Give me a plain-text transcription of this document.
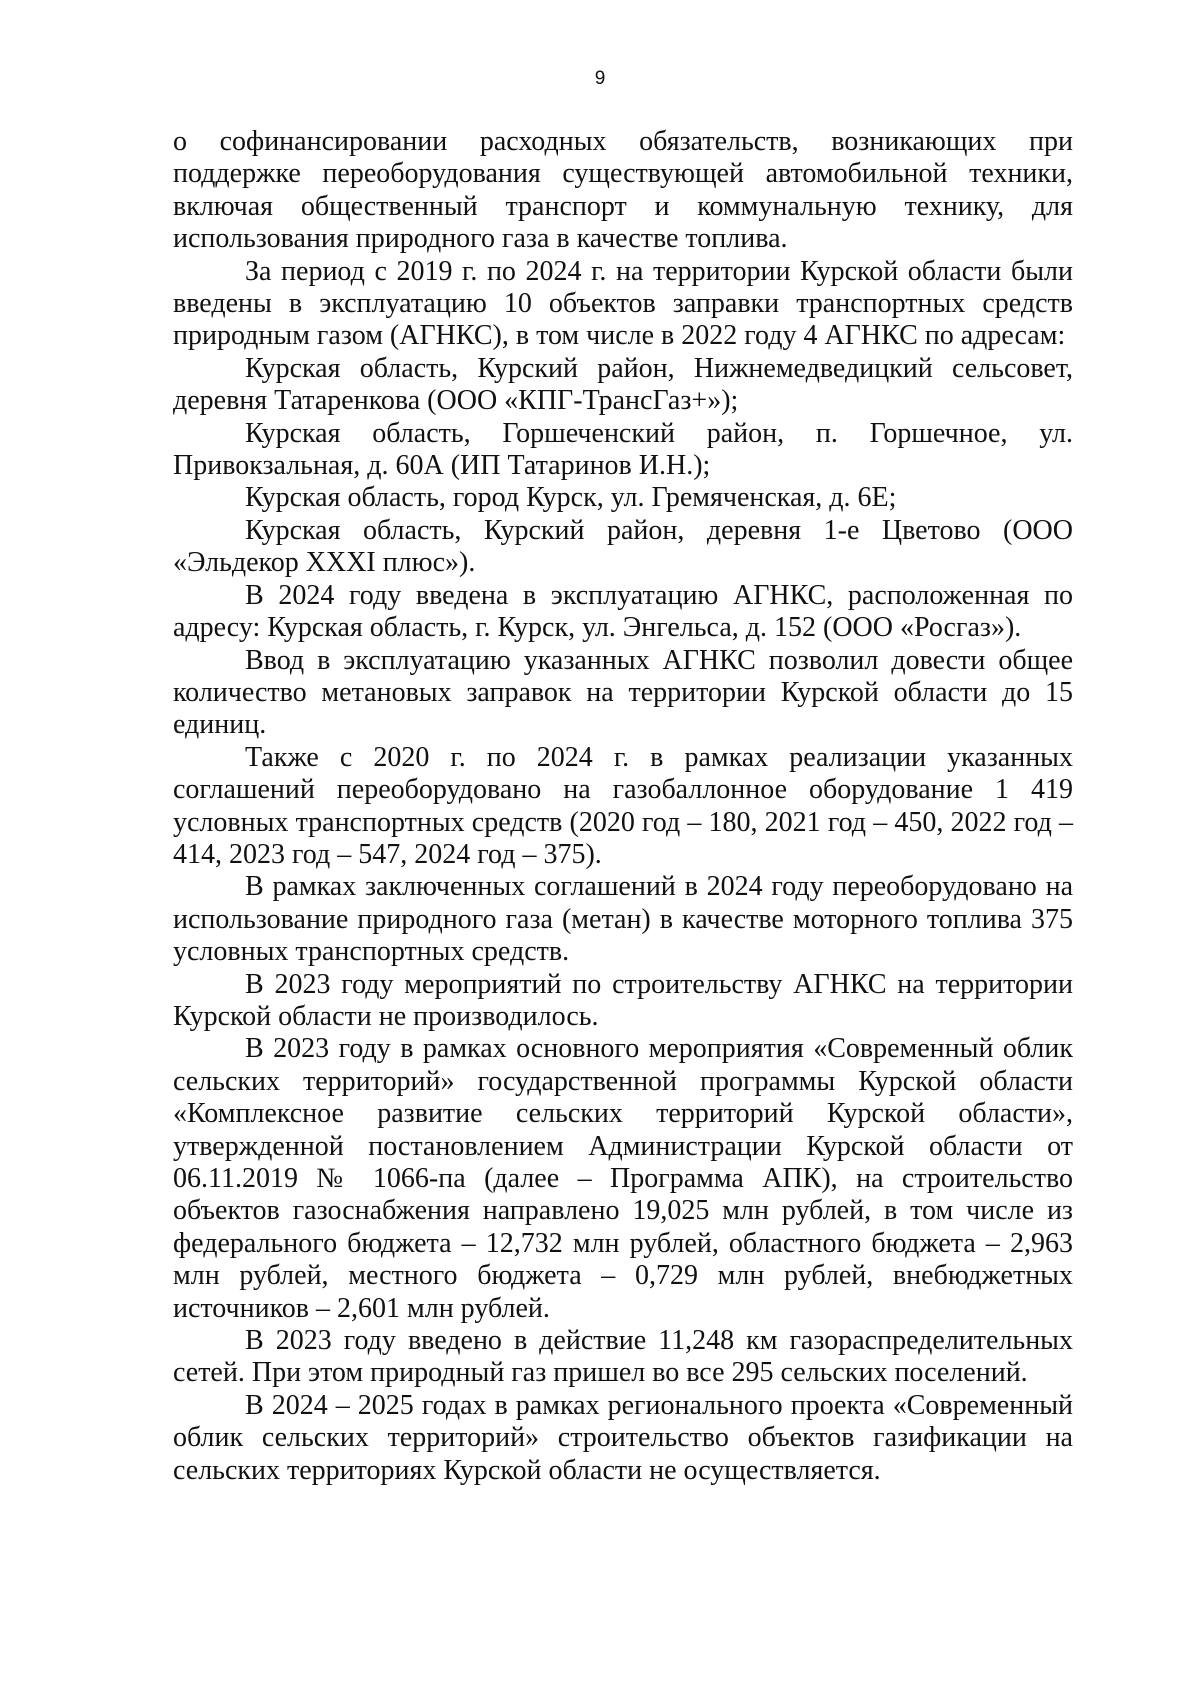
9

о софинансировании расходных обязательств, возникающих при поддержке переоборудования существующей автомобильной техники, включая общественный транспорт и коммунальную технику, для использования природного газа в качестве топлива.

За период с 2019 г. по 2024 г. на территории Курской области были введены в эксплуатацию 10 объектов заправки транспортных средств природным газом (АГНКС), в том числе в 2022 году 4 АГНКС по адресам:

Курская область, Курский район, Нижнемедведицкий сельсовет, деревня Татаренкова (ООО «КПГ-ТрансГаз+»);

Курская область, Горшеченский район, п. Горшечное, ул. Привокзальная, д. 60А (ИП Татаринов И.Н.);

Курская область, город Курск, ул. Гремяченская, д. 6Е;

Курская область, Курский район, деревня 1-е Цветово (ООО «Эльдекор XXXI плюс»).

В 2024 году введена в эксплуатацию АГНКС, расположенная по адресу: Курская область, г. Курск, ул. Энгельса, д. 152 (ООО «Росгаз»).

Ввод в эксплуатацию указанных АГНКС позволил довести общее количество метановых заправок на территории Курской области до 15 единиц.

Также с 2020 г. по 2024 г. в рамках реализации указанных соглашений переоборудовано на газобаллонное оборудование 1 419 условных транспортных средств (2020 год – 180, 2021 год – 450, 2022 год – 414, 2023 год – 547, 2024 год – 375).

В рамках заключенных соглашений в 2024 году переоборудовано на использование природного газа (метан) в качестве моторного топлива 375 условных транспортных средств.

В 2023 году мероприятий по строительству АГНКС на территории Курской области не производилось.

В 2023 году в рамках основного мероприятия «Современный облик сельских территорий» государственной программы Курской области «Комплексное развитие сельских территорий Курской области», утвержденной постановлением Администрации Курской области от 06.11.2019 № 1066-па (далее – Программа АПК), на строительство объектов газоснабжения направлено 19,025 млн рублей, в том числе из федерального бюджета – 12,732 млн рублей, областного бюджета – 2,963 млн рублей, местного бюджета – 0,729 млн рублей, внебюджетных источников – 2,601 млн рублей.

В 2023 году введено в действие 11,248 км газораспределительных сетей. При этом природный газ пришел во все 295 сельских поселений.

В 2024 – 2025 годах в рамках регионального проекта «Современный облик сельских территорий» строительство объектов газификации на сельских территориях Курской области не осуществляется.
